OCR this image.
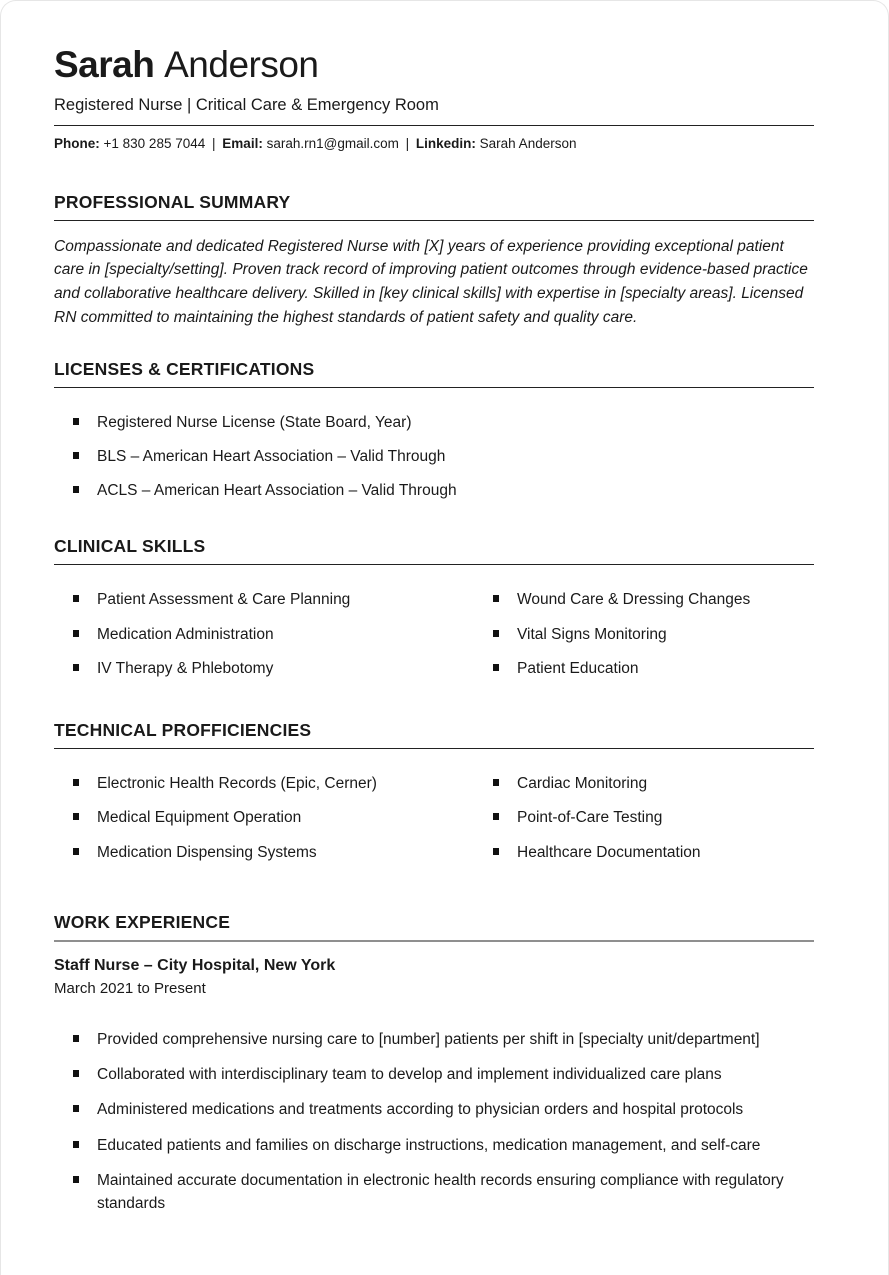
Sarah Anderson
Registered Nurse | Critical Care & Emergency Room
Phone: +1 830 285 7044 | Email: sarah.rn1@gmail.com | Linkedin: Sarah Anderson
PROFESSIONAL SUMMARY

Compassionate and dedicated Registered Nurse with [X] years of experience providing exceptional patient care in [specialty/setting]. Proven track record of improving patient outcomes through evidence-based practice and collaborative healthcare delivery. Skilled in [key clinical skills] with expertise in [specialty areas]. Licensed RN committed to maintaining the highest standards of patient safety and quality care.

LICENSES & CERTIFICATIONS
Registered Nurse License (State Board, Year)
BLS – American Heart Association – Valid Through
ACLS – American Heart Association – Valid Through
CLINICAL SKILLS
Patient Assessment & Care Planning
Medication Administration
IV Therapy & Phlebotomy
Wound Care & Dressing Changes
Vital Signs Monitoring
Patient Education
TECHNICAL PROFFICIENCIES
Electronic Health Records (Epic, Cerner)
Medical Equipment Operation
Medication Dispensing Systems
Cardiac Monitoring
Point-of-Care Testing
Healthcare Documentation
WORK EXPERIENCE
Staff Nurse – City Hospital, New York
March 2021 to Present
Provided comprehensive nursing care to [number] patients per shift in [specialty unit/department]
Collaborated with interdisciplinary team to develop and implement individualized care plans
Administered medications and treatments according to physician orders and hospital protocols
Educated patients and families on discharge instructions, medication management, and self-care
Maintained accurate documentation in electronic health records ensuring compliance with regulatory standards
